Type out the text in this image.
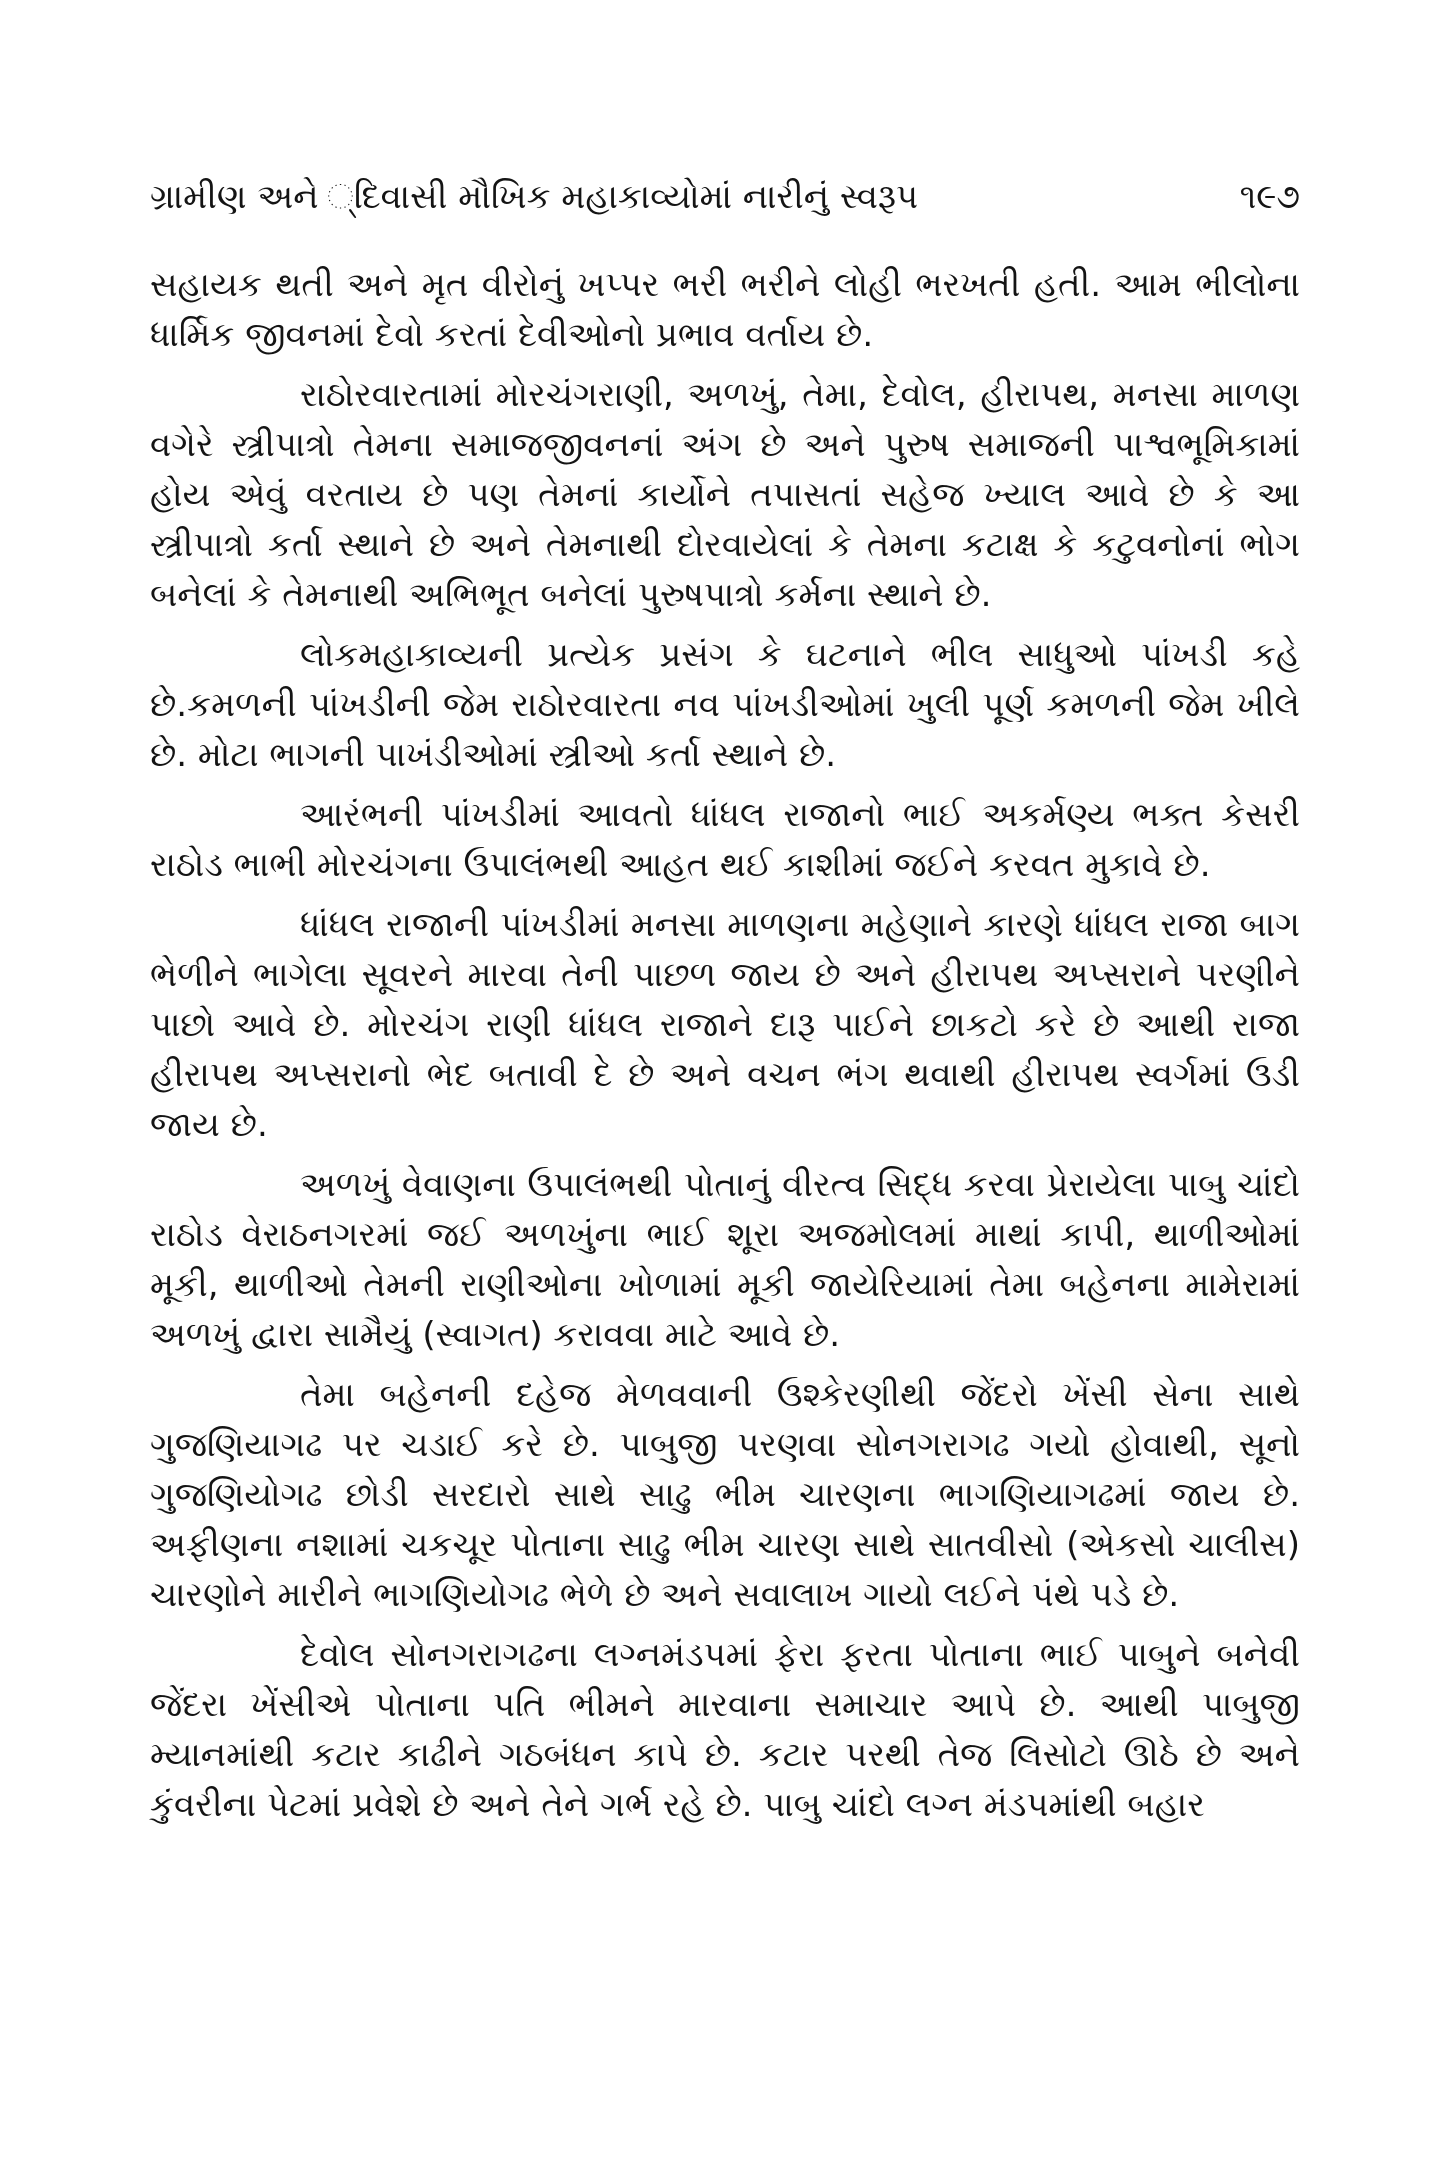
ગ્રામીણ અને ્દિવાસી મૌખિક મહાકાવ્યોમાં નારીનું સ્વરૂપ	૧૯૭

સહાયક થતી અને મૃત વીરોનું ખપ્પર ભરી ભરીને લોહી ભરખતી હતી. આમ ભીલોના ધાર્મિક જીવનમાં દેવો કરતાં દેવીઓનો પ્રભાવ વર્તાય છે.

રાઠોરવારતામાં મોરચંગરાણી, અળખું, તેમા, દેવોલ, હીરાપથ, મનસા માળણ વગેરે સ્ત્રીપાત્રો તેમના સમાજજીવનનાં અંગ છે અને પુરુષ સમાજની પાશ્વભૂમિકામાં હોય એવું વરતાય છે પણ તેમનાં કાર્યોને તપાસતાં સહેજ ખ્યાલ આવે છે કે આ સ્ત્રીપાત્રો કર્તા સ્થાને છે અને તેમનાથી દોરવાયેલાં કે તેમના કટાક્ષ કે કટુવનોનાં ભોગ બનેલાં કે તેમનાથી અભિભૂત બનેલાં પુરુષપાત્રો કર્મના સ્થાને છે.

લોકમહાકાવ્યની પ્રત્યેક પ્રસંગ કે ઘટનાને ભીલ સાધુઓ પાંખડી કહે છે.કમળની પાંખડીની જેમ રાઠોરવારતા નવ પાંખડીઓમાં ખુલી પૂર્ણ કમળની જેમ ખીલે છે. મોટા ભાગની પાખંડીઓમાં સ્ત્રીઓ કર્તા સ્થાને છે.

આરંભની પાંખડીમાં આવતો ધાંધલ રાજાનો ભાઈ અકર્મણ્ય ભક્ત કેસરી રાઠોડ ભાભી મોરચંગના ઉપાલંભથી આહત થઈ કાશીમાં જઈને કરવત મુકાવે છે.

ધાંધલ રાજાની પાંખડીમાં મનસા માળણના મહેણાને કારણે ધાંધલ રાજા બાગ ભેળીને ભાગેલા સૂવરને મારવા તેની પાછળ જાય છે અને હીરાપથ અપ્સરાને પરણીને પાછો આવે છે. મોરચંગ રાણી ધાંધલ રાજાને દારૂ પાઈને છાકટો કરે છે આથી રાજા હીરાપથ અપ્સરાનો ભેદ બતાવી દે છે અને વચન ભંગ થવાથી હીરાપથ સ્વર્ગમાં ઉડી જાય છે.

અળખું વેવાણના ઉપાલંભથી પોતાનું વીરત્વ સિદ્ધ કરવા પ્રેરાયેલા પાબુ ચાંદો રાઠોડ વેરાઠનગરમાં જઈ અળખુંના ભાઈ શૂરા અજમોલમાં માથાં કાપી, થાળીઓમાં મૂકી, થાળીઓ તેમની રાણીઓના ખોળામાં મૂકી જાયેરિયામાં તેમા બહેનના મામેરામાં અળખું દ્વારા સામૈયું (સ્વાગત) કરાવવા માટે આવે છે.

તેમા બહેનની દહેજ મેળવવાની ઉશ્કેરણીથી જેંદરો ખેંસી સેના સાથે ગુજણિયાગઢ પર ચડાઈ કરે છે. પાબુજી પરણવા સોનગરાગઢ ગયો હોવાથી, સૂનો ગુજણિયોગઢ છોડી સરદારો સાથે સાઢુ ભીમ ચારણના ભાગણિયાગઢમાં જાય છે. અફીણના નશામાં ચકચૂર પોતાના સાઢુ ભીમ ચારણ સાથે સાતવીસો (એકસો ચાલીસ) ચારણોને મારીને ભાગણિયોગઢ ભેળે છે અને સવાલાખ ગાયો લઈને પંથે પડે છે.

દેવોલ સોનગરાગઢના લગ્નમંડપમાં ફેરા ફરતા પોતાના ભાઈ પાબુને બનેવી જેંદરા ખેંસીએ પોતાના પતિ ભીમને મારવાના સમાચાર આપે છે. આથી પાબુજી મ્યાનમાંથી કટાર કાઢીને ગઠબંધન કાપે છે. કટાર પરથી તેજ લિસોટો ઊઠે છે અને કુંવરીના પેટમાં પ્રવેશે છે અને તેને ગર્ભ રહે છે. પાબુ ચાંદો લગ્ન મંડપમાંથી બહાર
